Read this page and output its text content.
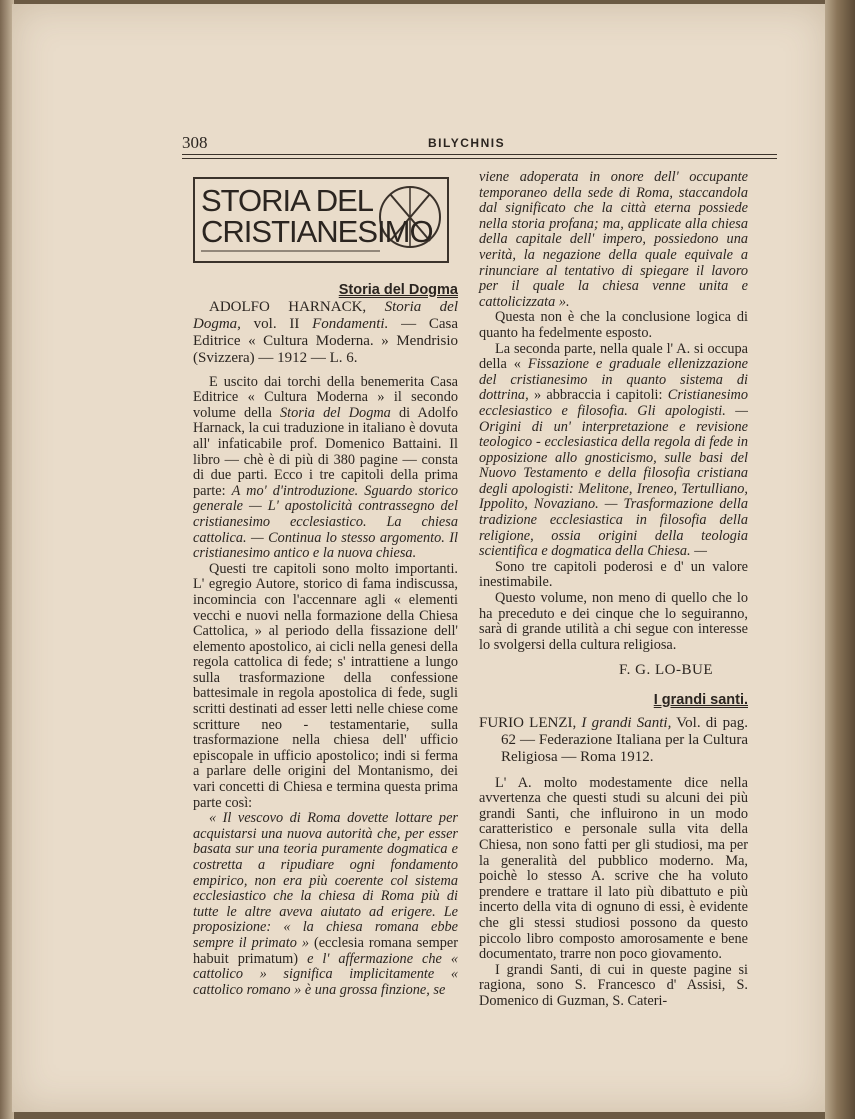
308	BILYCHNIS
STORIA DEL
CRISTIANESIMO

Storia del Dogma

ADOLFO HARNACK, Storia del Dogma, vol. II Fondamenti. — Casa Editrice « Cultura Moderna. » Mendrisio (Svizzera) — 1912 — L. 6.

E uscito dai torchi della benemerita Casa Editrice « Cultura Moderna » il secondo volume della Storia del Dogma di Adolfo Harnack, la cui traduzione in italiano è dovuta all' infaticabile prof. Domenico Battaini. Il libro — chè è di più di 380 pagine — consta di due parti. Ecco i tre capitoli della prima parte: A mo' d'introduzione. Sguardo storico generale — L' apostolicità contrassegno del cristianesimo ecclesiastico. La chiesa cattolica. — Continua lo stesso argomento. Il cristianesimo antico e la nuova chiesa.

Questi tre capitoli sono molto importanti. L' egregio Autore, storico di fama indiscussa, incomincia con l'accennare agli « elementi vecchi e nuovi nella formazione della Chiesa Cattolica, » al periodo della fissazione dell' elemento apostolico, ai cicli nella genesi della regola cattolica di fede; s' intrattiene a lungo sulla trasformazione della confessione battesimale in regola apostolica di fede, sugli scritti destinati ad esser letti nelle chiese come scritture neo - testamentarie, sulla trasformazione nella chiesa dell' ufficio episcopale in ufficio apostolico; indi si ferma a parlare delle origini del Montanismo, dei vari concetti di Chiesa e termina questa prima parte così:

« Il vescovo di Roma dovette lottare per acquistarsi una nuova autorità che, per esser basata sur una teoria puramente dogmatica e costretta a ripudiare ogni fondamento empirico, non era più coerente col sistema ecclesiastico che la chiesa di Roma più di tutte le altre aveva aiutato ad erigere. Le proposizione: « la chiesa romana ebbe sempre il primato » (ecclesia romana semper habuit primatum) e l' affermazione che « cattolico » significa implicitamente « cattolico romano » è una grossa finzione, se

viene adoperata in onore dell' occupante temporaneo della sede di Roma, staccandola dal significato che la città eterna possiede nella storia profana; ma, applicate alla chiesa della capitale dell' impero, possiedono una verità, la negazione della quale equivale a rinunciare al tentativo di spiegare il lavoro per il quale la chiesa venne unita e cattolicizzata ».

Questa non è che la conclusione logica di quanto ha fedelmente esposto.

La seconda parte, nella quale l' A. si occupa della « Fissazione e graduale ellenizzazione del cristianesimo in quanto sistema di dottrina, » abbraccia i capitoli: Cristianesimo ecclesiastico e filosofia. Gli apologisti. — Origini di un' interpretazione e revisione teologico - ecclesiastica della regola di fede in opposizione allo gnosticismo, sulle basi del Nuovo Testamento e della filosofia cristiana degli apologisti: Melitone, Ireneo, Tertulliano, Ippolito, Novaziano. — Trasformazione della tradizione ecclesiastica in filosofia della religione, ossia origini della teologia scientifica e dogmatica della Chiesa. —

Sono tre capitoli poderosi e d' un valore inestimabile.

Questo volume, non meno di quello che lo ha preceduto e dei cinque che lo seguiranno, sarà di grande utilità a chi segue con interesse lo svolgersi della cultura religiosa.

F. G. LO-BUE

I grandi santi.

FURIO LENZI, I grandi Santi, Vol. di pag. 62 — Federazione Italiana per la Cultura Religiosa — Roma 1912.

L' A. molto modestamente dice nella avvertenza che questi studi su alcuni dei più grandi Santi, che influirono in un modo caratteristico e personale sulla vita della Chiesa, non sono fatti per gli studiosi, ma per la generalità del pubblico moderno. Ma, poichè lo stesso A. scrive che ha voluto prendere e trattare il lato più dibattuto e più incerto della vita di ognuno di essi, è evidente che gli stessi studiosi possono da questo piccolo libro composto amorosamente e bene documentato, trarre non poco giovamento.

I grandi Santi, di cui in queste pagine si ragiona, sono S. Francesco d' Assisi, S. Domenico di Guzman, S. Cateri-
